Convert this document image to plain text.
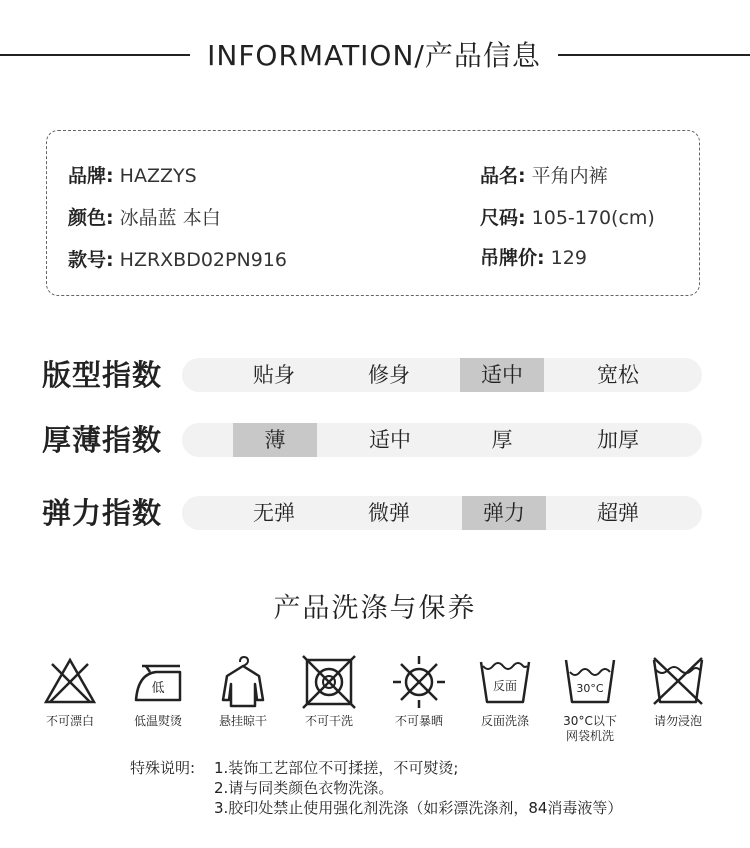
INFORMATION/产品信息
品牌: HAZZYS
颜色: 冰晶蓝 本白
款号: HZRXBD02PN916
品名: 平角内裤
尺码: 105-170(cm)
吊牌价: 129
版型指数	贴身	修身	适中	宽松
厚薄指数	薄	适中	厚	加厚
弹力指数	无弹	微弹	弹力	超弹
产品洗涤与保养
不可漂白
低
低温熨烫	悬挂晾干	不可干洗	不可暴晒
反面
反面洗涤
30°C
30°C以下网袋机洗
请勿浸泡
特殊说明: 1.装饰工艺部位不可揉搓，不可熨烫;
2.请与同类颜色衣物洗涤。
3.胶印处禁止使用强化剂洗涤（如彩漂洗涤剂，84消毒液等）
